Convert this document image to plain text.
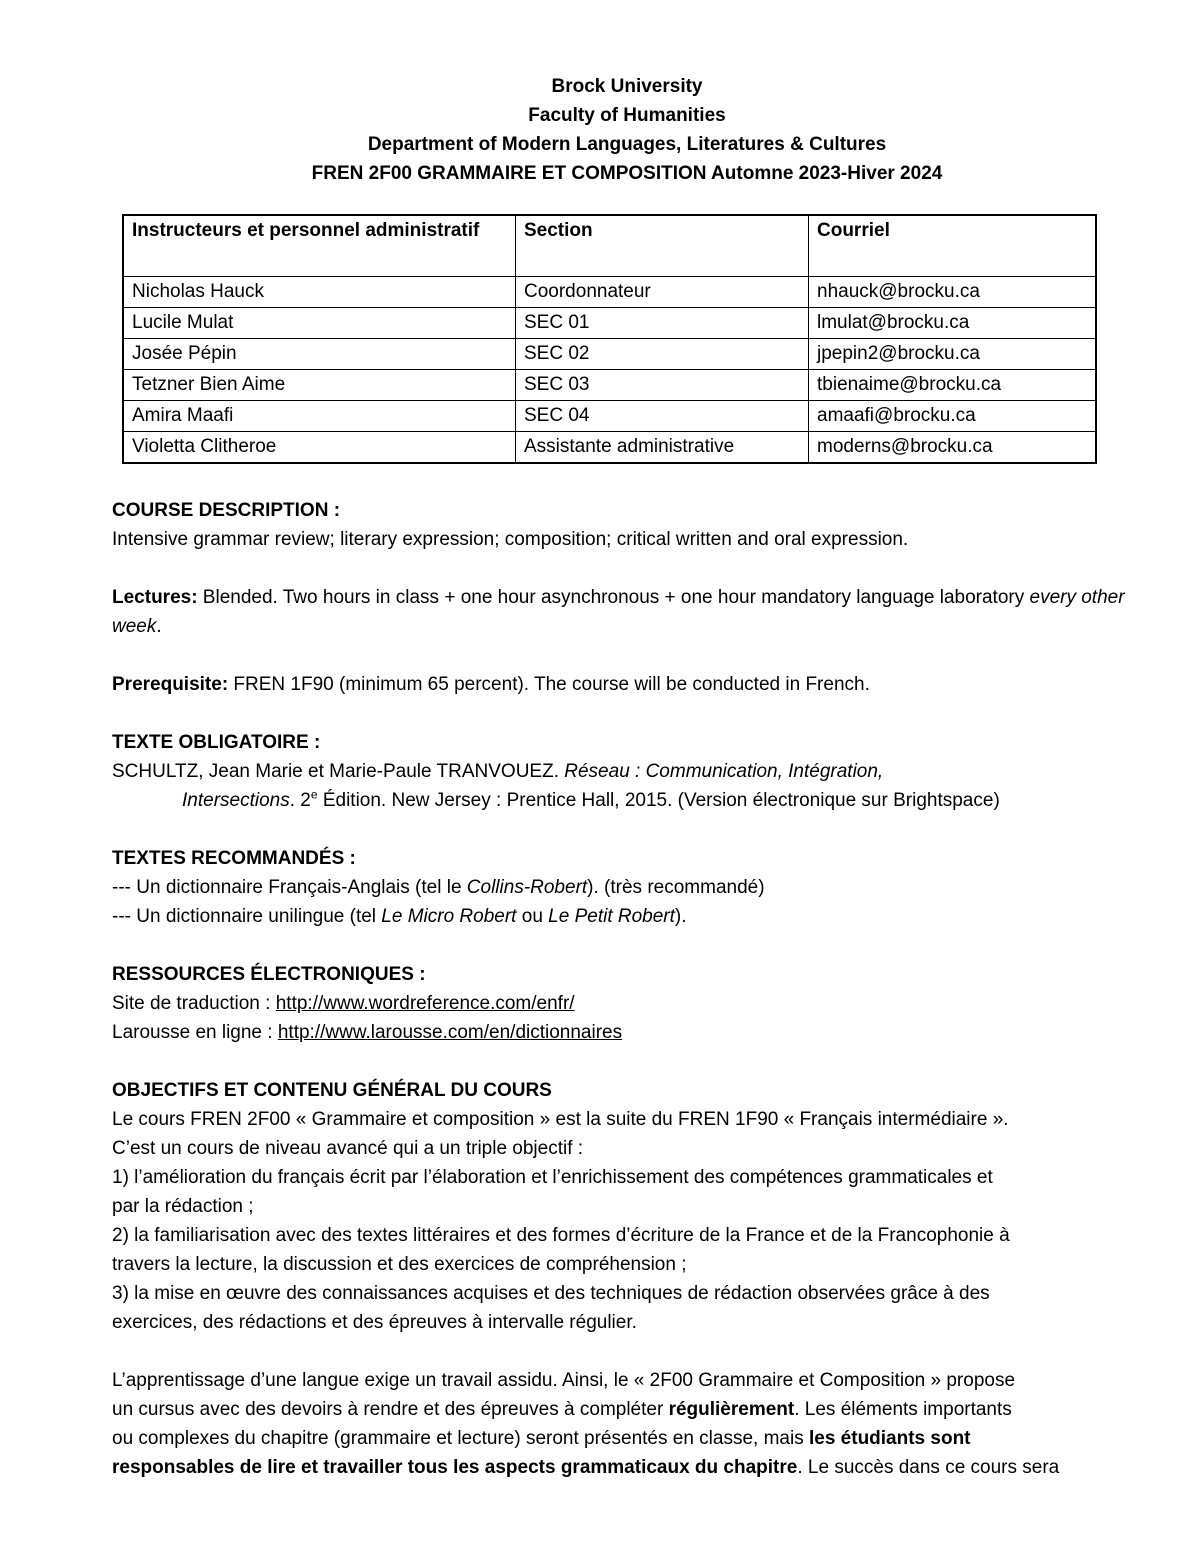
Brock University
Faculty of Humanities
Department of Modern Languages, Literatures & Cultures
FREN 2F00 GRAMMAIRE ET COMPOSITION Automne 2023-Hiver 2024
Instructeurs et personnel administratif	Section	Courriel
Nicholas Hauck	Coordonnateur	nhauck@brocku.ca
Lucile Mulat	SEC 01	lmulat@brocku.ca
Josée Pépin	SEC 02	jpepin2@brocku.ca
Tetzner Bien Aime	SEC 03	tbienaime@brocku.ca
Amira Maafi	SEC 04	amaafi@brocku.ca
Violetta Clitheroe	Assistante administrative	moderns@brocku.ca

COURSE DESCRIPTION :

Intensive grammar review; literary expression; composition; critical written and oral expression.

Lectures: Blended. Two hours in class + one hour asynchronous + one hour mandatory language laboratory every other week.

Prerequisite: FREN 1F90 (minimum 65 percent). The course will be conducted in French.

TEXTE OBLIGATOIRE :

SCHULTZ, Jean Marie et Marie-Paule TRANVOUEZ. Réseau : Communication, Intégration,

Intersections. 2e Édition. New Jersey : Prentice Hall, 2015. (Version électronique sur Brightspace)

TEXTES RECOMMANDÉS :

--- Un dictionnaire Français-Anglais (tel le Collins-Robert). (très recommandé)

--- Un dictionnaire unilingue (tel Le Micro Robert ou Le Petit Robert).

RESSOURCES ÉLECTRONIQUES :

Site de traduction : http://www.wordreference.com/enfr/

Larousse en ligne : http://www.larousse.com/en/dictionnaires

OBJECTIFS ET CONTENU GÉNÉRAL DU COURS

Le cours FREN 2F00 « Grammaire et composition » est la suite du FREN 1F90 « Français intermédiaire ».

C’est un cours de niveau avancé qui a un triple objectif :

1) l’amélioration du français écrit par l’élaboration et l’enrichissement des compétences grammaticales et

par la rédaction ;

2) la familiarisation avec des textes littéraires et des formes d’écriture de la France et de la Francophonie à

travers la lecture, la discussion et des exercices de compréhension ;

3) la mise en œuvre des connaissances acquises et des techniques de rédaction observées grâce à des

exercices, des rédactions et des épreuves à intervalle régulier.

L’apprentissage d’une langue exige un travail assidu. Ainsi, le « 2F00 Grammaire et Composition » propose

un cursus avec des devoirs à rendre et des épreuves à compléter régulièrement. Les éléments importants

ou complexes du chapitre (grammaire et lecture) seront présentés en classe, mais les étudiants sont

responsables de lire et travailler tous les aspects grammaticaux du chapitre. Le succès dans ce cours sera
